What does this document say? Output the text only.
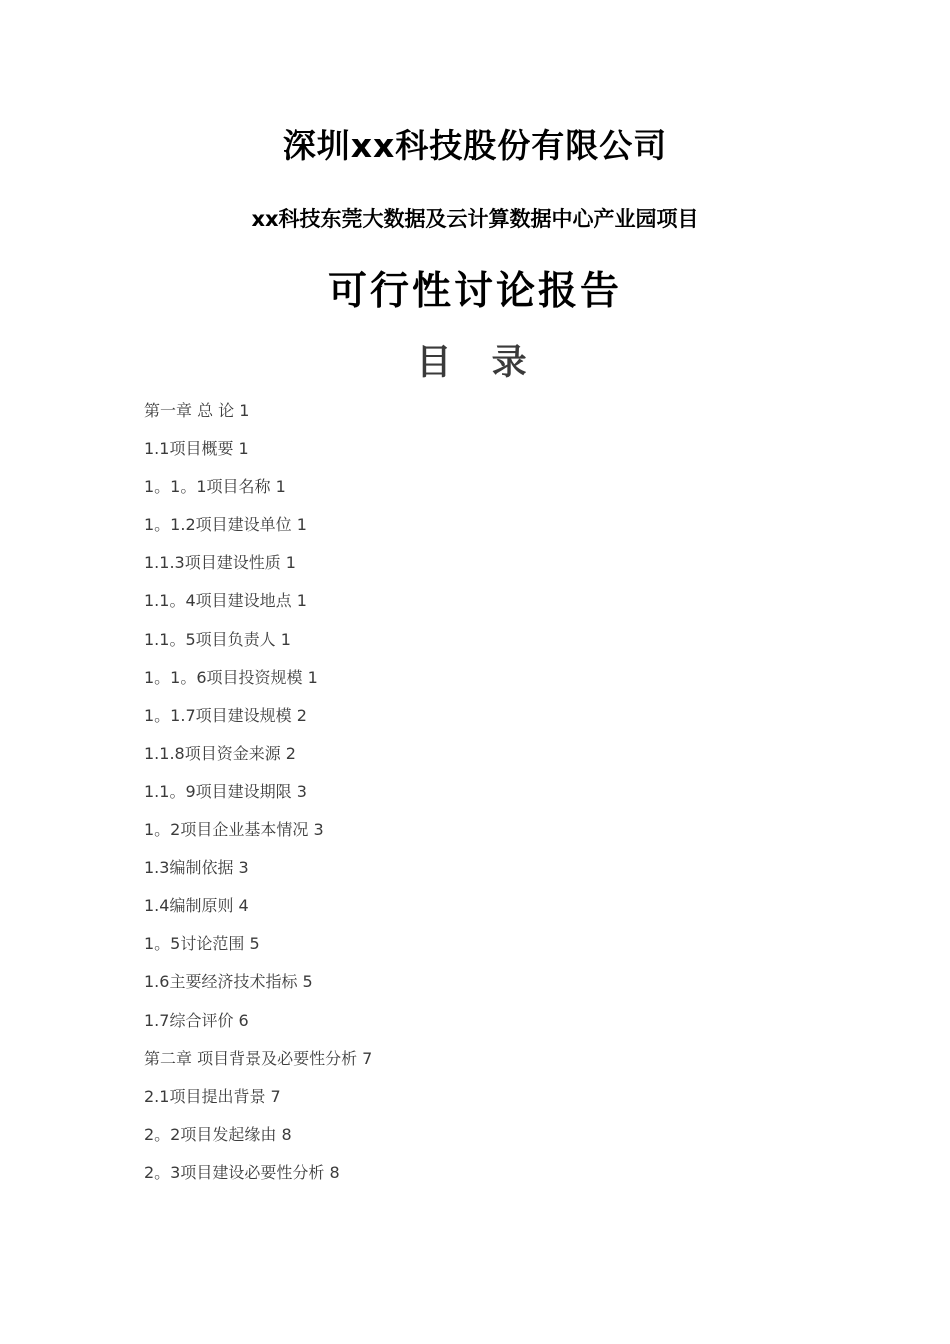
深圳xx科技股份有限公司
xx科技东莞大数据及云计算数据中心产业园项目
可行性讨论报告
目 录
第一章 总 论 1
1.1项目概要 1
1。1。1项目名称 1
1。1.2项目建设单位 1
1.1.3项目建设性质 1
1.1。4项目建设地点 1
1.1。5项目负责人 1
1。1。6项目投资规模 1
1。1.7项目建设规模 2
1.1.8项目资金来源 2
1.1。9项目建设期限 3
1。2项目企业基本情况 3
1.3编制依据 3
1.4编制原则 4
1。5讨论范围 5
1.6主要经济技术指标 5
1.7综合评价 6
第二章 项目背景及必要性分析 7
2.1项目提出背景 7
2。2项目发起缘由 8
2。3项目建设必要性分析 8
